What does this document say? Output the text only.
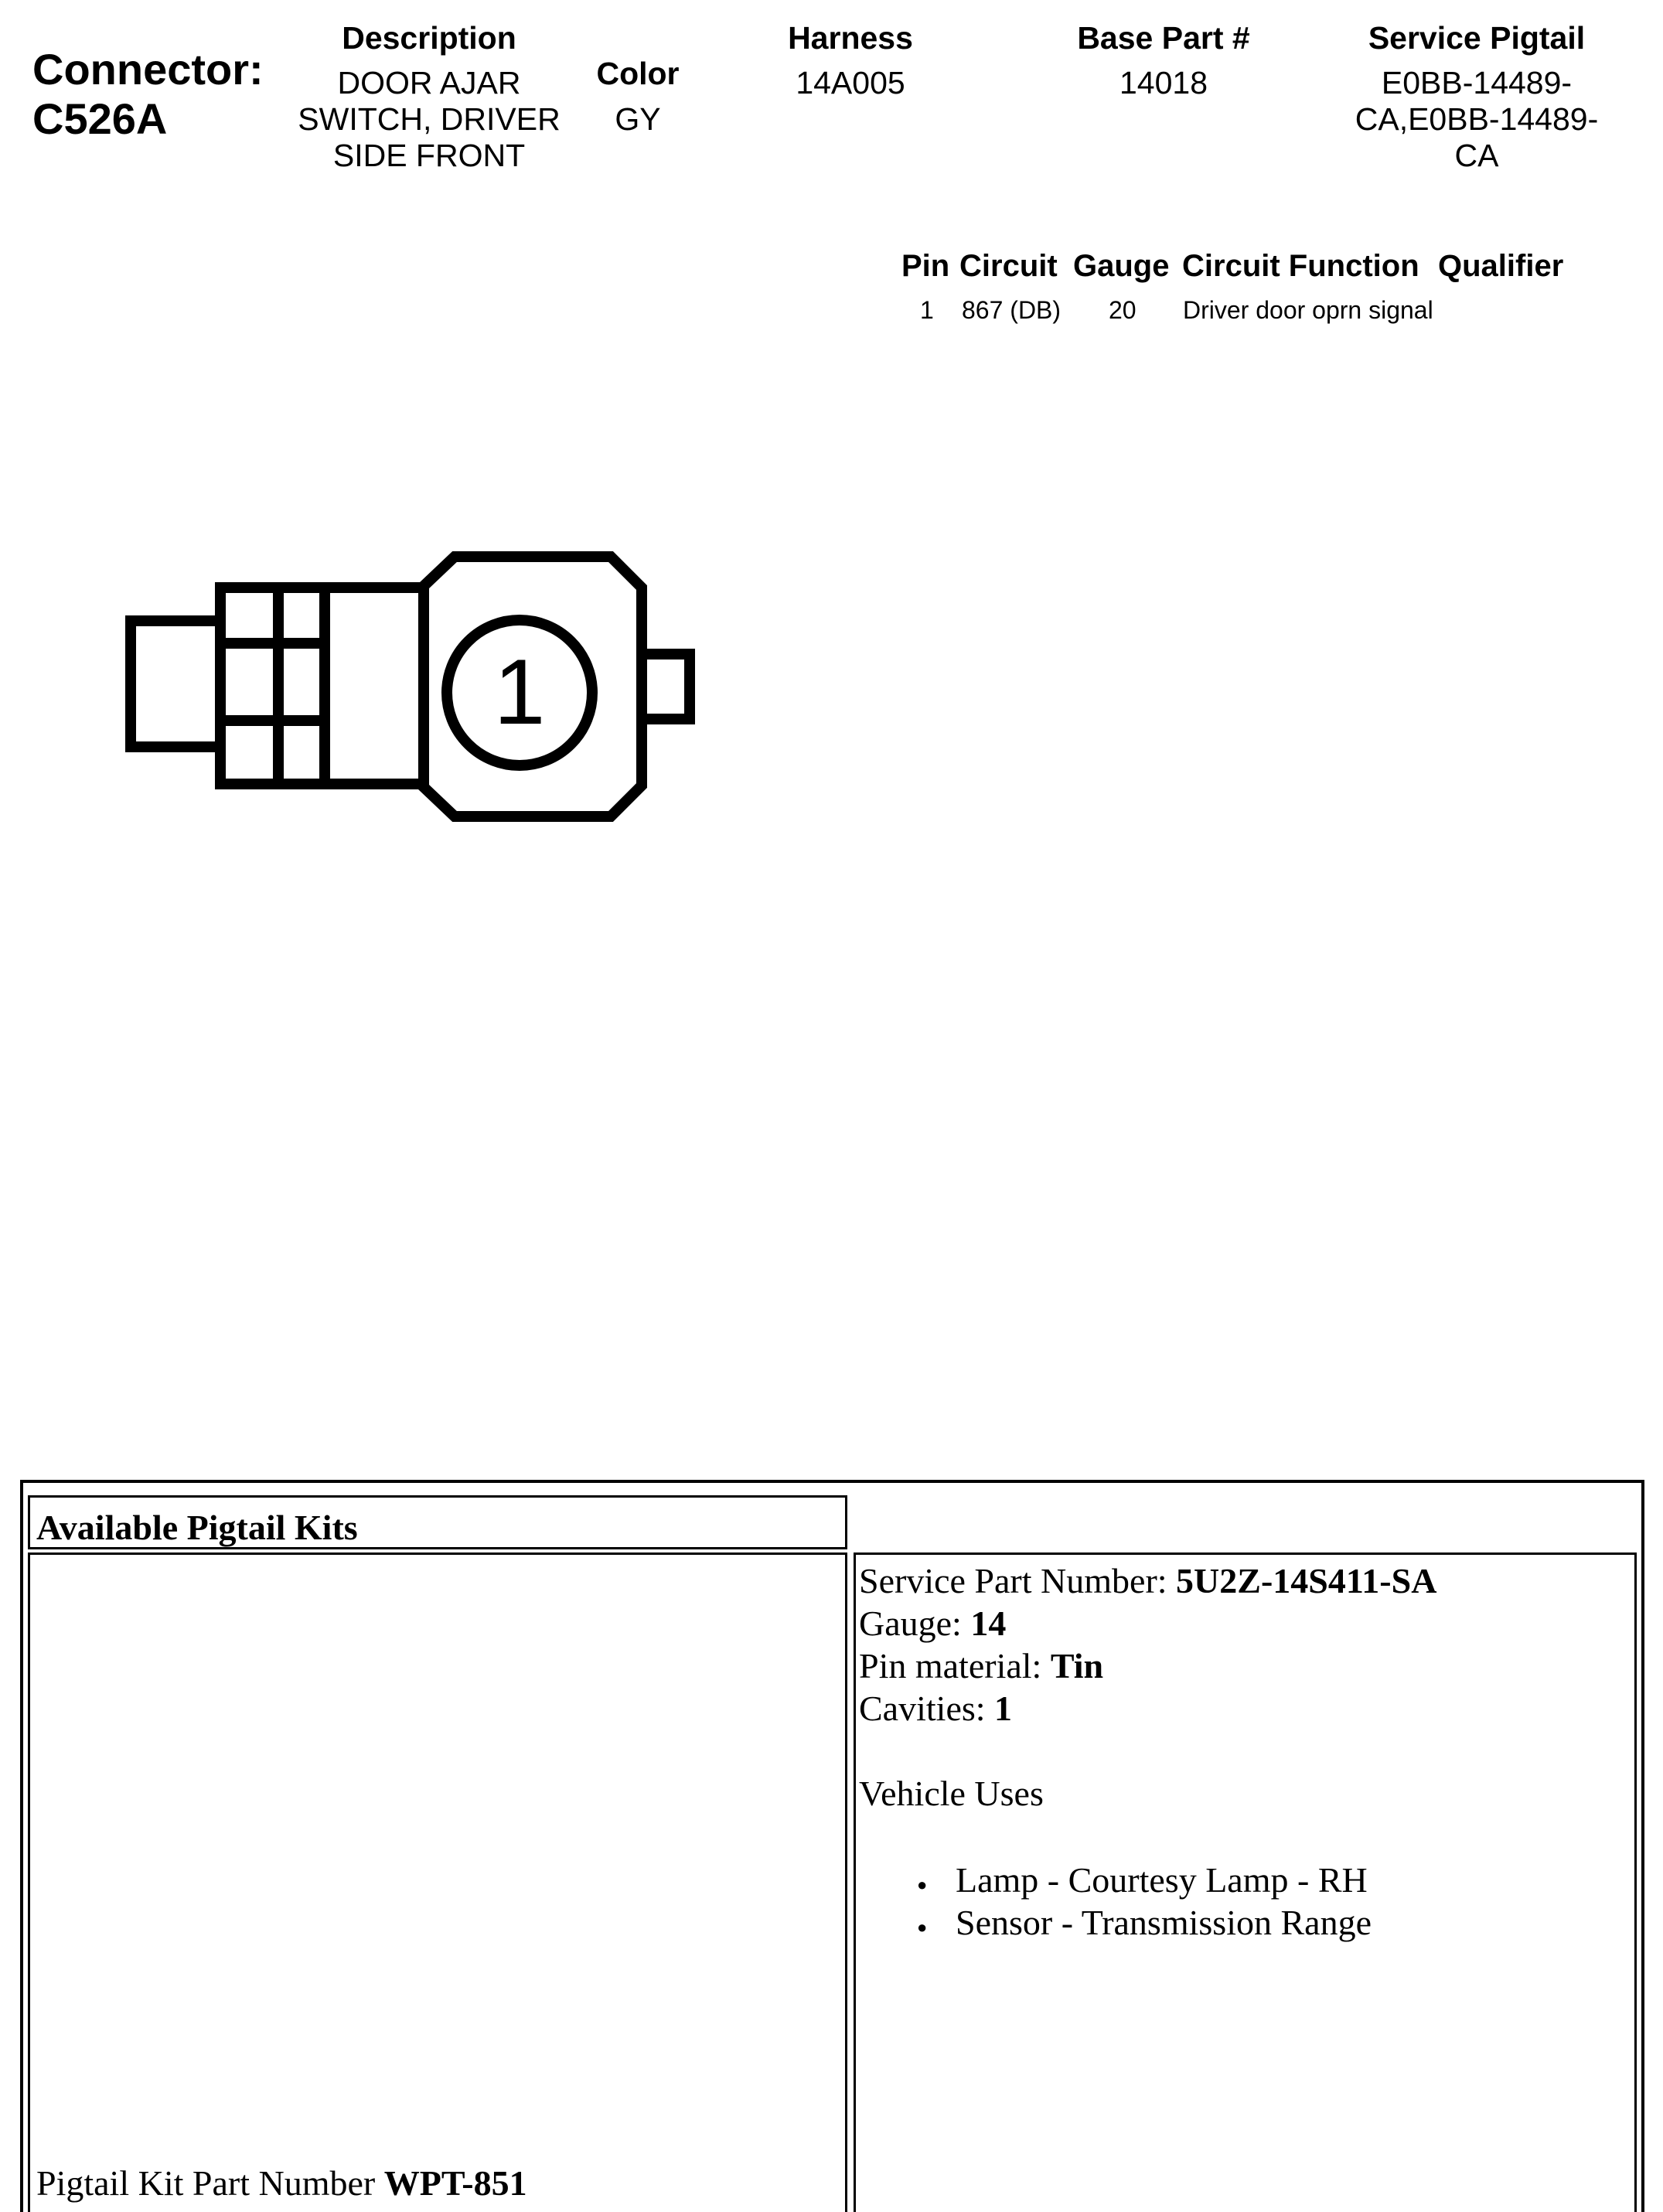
Connector:
C526A
Description
DOOR AJAR SWITCH, DRIVER SIDE FRONT
Color
GY
Harness
14A005
Base Part #
14018
Service Pigtail
E0BB-14489-CA,E0BB-14489-CA
Pin Circuit Gauge Circuit Function Qualifier
1 867 (DB) 20 Driver door oprn signal
1
Available Pigtail Kits
Pigtail Kit Part Number WPT-851
Service Part Number: 5U2Z-14S411-SA
Gauge: 14
Pin material: Tin
Cavities: 1
Vehicle Uses
● Lamp - Courtesy Lamp - RH
● Sensor - Transmission Range
